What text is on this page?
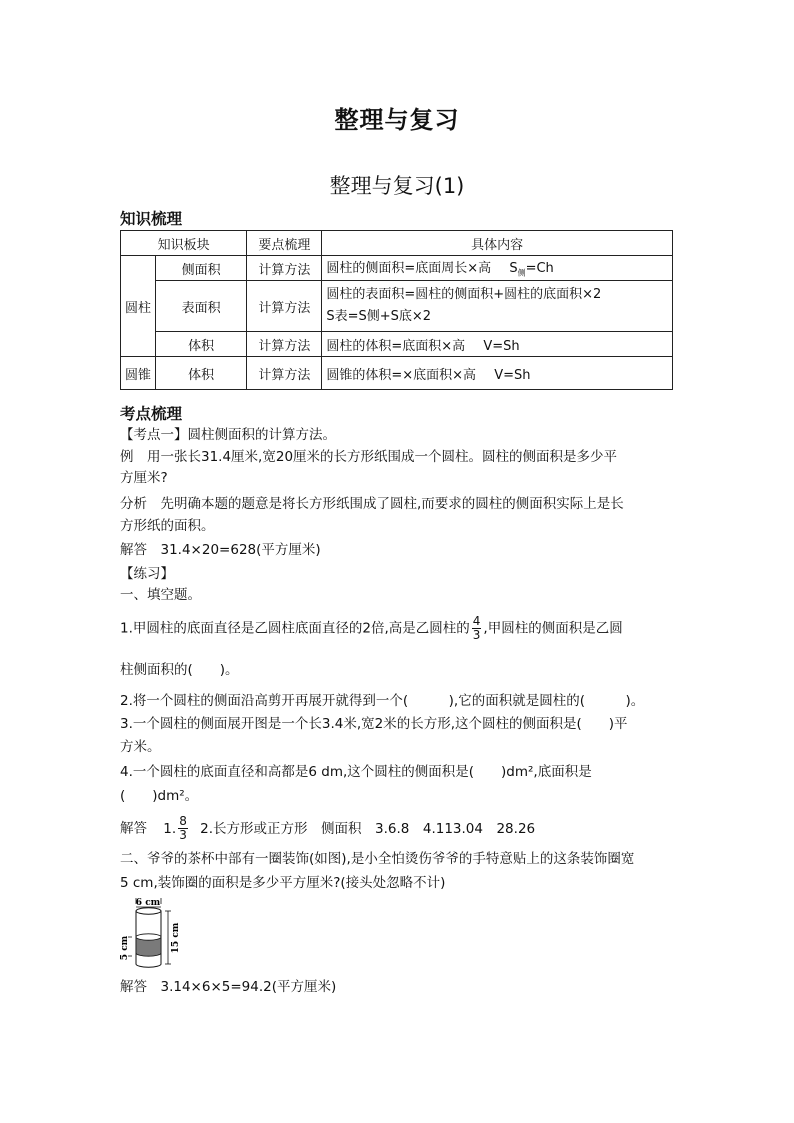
整理与复习
整理与复习(1)
知识梳理
知识板块		要点梳理	具体内容
圆柱	侧面积	计算方法	圆柱的侧面积=底面周长×高 $S_侧=Ch$
	表面积	计算方法	圆柱的表面积=圆柱的侧面积+圆柱的底面积×2
S表=S侧+S底×2

	体积	计算方法	圆柱的体积=底面积×高 V=Sh
圆锥	体积	计算方法	圆锥的体积=×底面积×高 V=Sh
考点梳理
【考点一】圆柱侧面积的计算方法。
例　用一张长31.4厘米,宽20厘米的长方形纸围成一个圆柱。圆柱的侧面积是多少平
方厘米?
分析　先明确本题的题意是将长方形纸围成了圆柱,而要求的圆柱的侧面积实际上是长
方形纸的面积。
解答　31.4×20=628(平方厘米)
【练习】
一、填空题。
1.甲圆柱的底面直径是乙圆柱底面直径的2倍,高是乙圆柱的 $\frac{4}{3}$ ,甲圆柱的侧面积是乙圆
柱侧面积的(　　)。
2.将一个圆柱的侧面沿高剪开再展开就得到一个(　　　),它的面积就是圆柱的(　　　)。
3.一个圆柱的侧面展开图是一个长3.4米,宽2米的长方形,这个圆柱的侧面积是(　　)平
方米。
4.一个圆柱的底面直径和高都是6 dm,这个圆柱的侧面积是(　　)dm²,底面积是
(　　)dm²。
解答 1. $\frac{8}{3} 2$.长方形或正方形　侧面积　3.6.8　4.113.04　28.26
二、爷爷的茶杯中部有一圈装饰(如图),是小全怕烫伤爷爷的手特意贴上的这条装饰圈宽
5 cm,装饰圈的面积是多少平方厘米?(接头处忽略不计)
6 cm
15 cm
5 cm
解答　3.14×6×5=94.2(平方厘米)
